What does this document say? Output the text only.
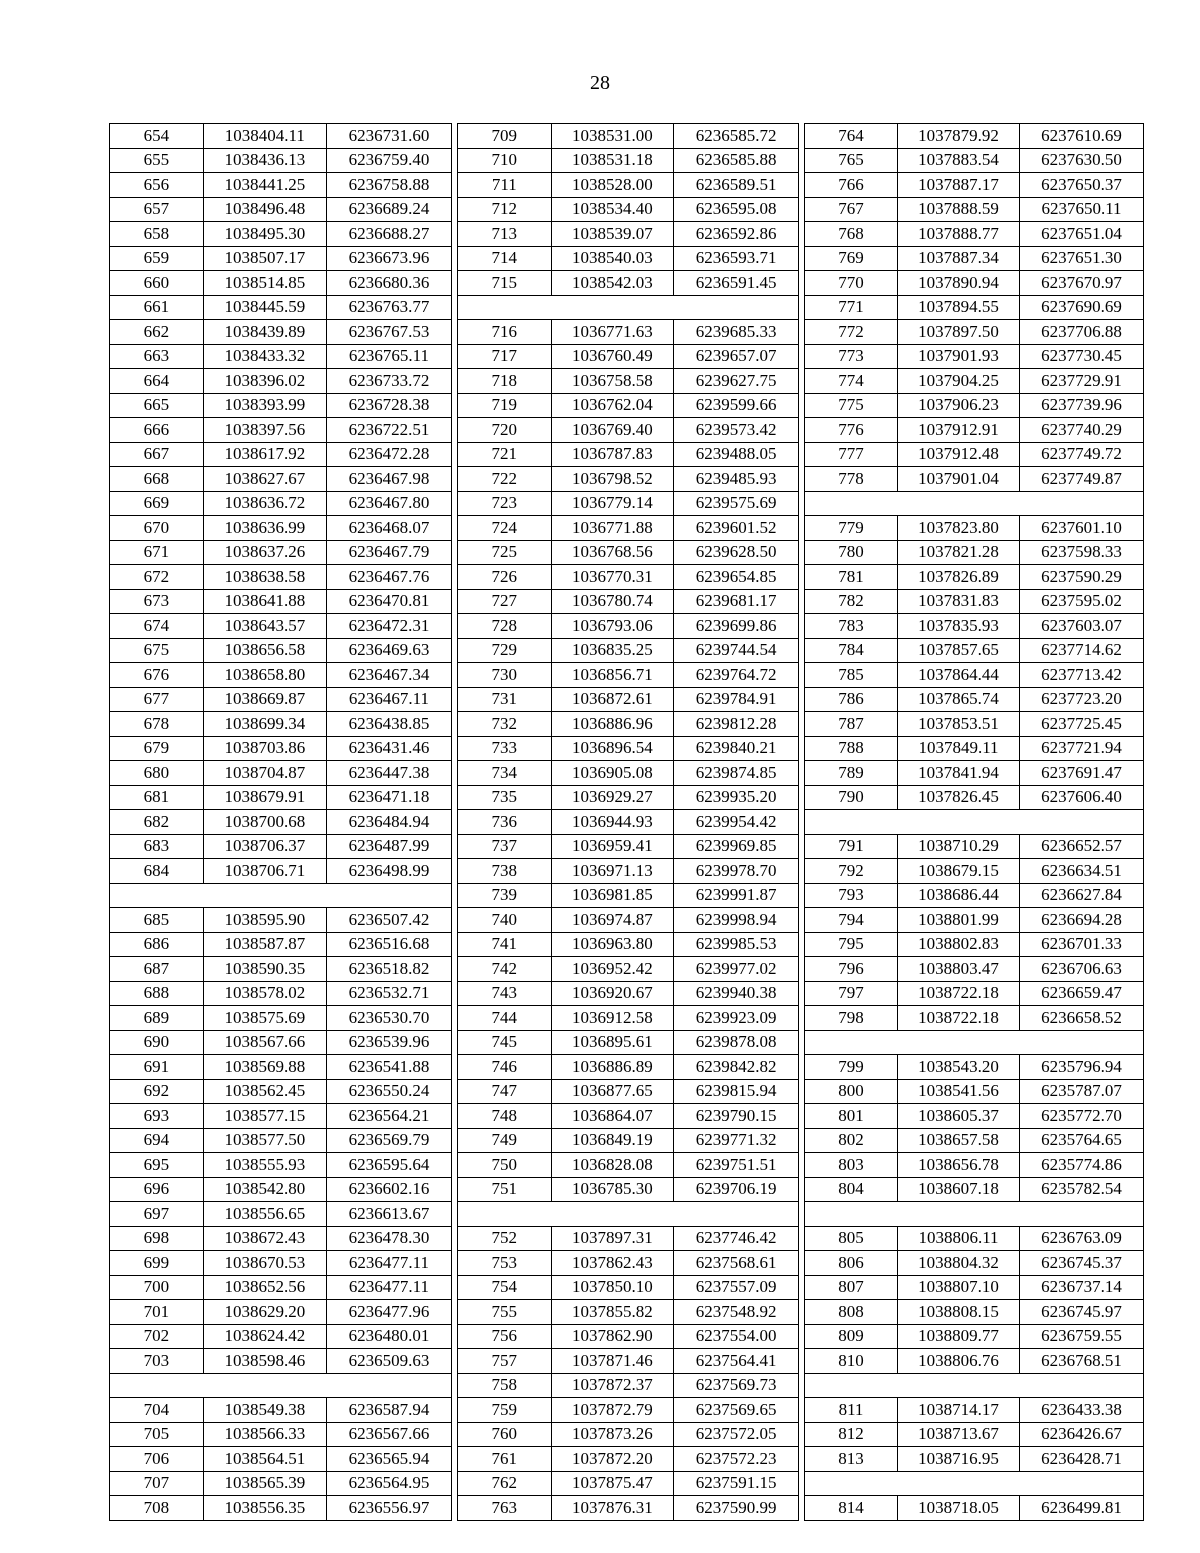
28
654	1038404.11	6236731.60
655	1038436.13	6236759.40
656	1038441.25	6236758.88
657	1038496.48	6236689.24
658	1038495.30	6236688.27
659	1038507.17	6236673.96
660	1038514.85	6236680.36
661	1038445.59	6236763.77
662	1038439.89	6236767.53
663	1038433.32	6236765.11
664	1038396.02	6236733.72
665	1038393.99	6236728.38
666	1038397.56	6236722.51
667	1038617.92	6236472.28
668	1038627.67	6236467.98
669	1038636.72	6236467.80
670	1038636.99	6236468.07
671	1038637.26	6236467.79
672	1038638.58	6236467.76
673	1038641.88	6236470.81
674	1038643.57	6236472.31
675	1038656.58	6236469.63
676	1038658.80	6236467.34
677	1038669.87	6236467.11
678	1038699.34	6236438.85
679	1038703.86	6236431.46
680	1038704.87	6236447.38
681	1038679.91	6236471.18
682	1038700.68	6236484.94
683	1038706.37	6236487.99
684	1038706.71	6236498.99

685	1038595.90	6236507.42
686	1038587.87	6236516.68
687	1038590.35	6236518.82
688	1038578.02	6236532.71
689	1038575.69	6236530.70
690	1038567.66	6236539.96
691	1038569.88	6236541.88
692	1038562.45	6236550.24
693	1038577.15	6236564.21
694	1038577.50	6236569.79
695	1038555.93	6236595.64
696	1038542.80	6236602.16
697	1038556.65	6236613.67
698	1038672.43	6236478.30
699	1038670.53	6236477.11
700	1038652.56	6236477.11
701	1038629.20	6236477.96
702	1038624.42	6236480.01
703	1038598.46	6236509.63

704	1038549.38	6236587.94
705	1038566.33	6236567.66
706	1038564.51	6236565.94
707	1038565.39	6236564.95
708	1038556.35	6236556.97
709	1038531.00	6236585.72
710	1038531.18	6236585.88
711	1038528.00	6236589.51
712	1038534.40	6236595.08
713	1038539.07	6236592.86
714	1038540.03	6236593.71
715	1038542.03	6236591.45

716	1036771.63	6239685.33
717	1036760.49	6239657.07
718	1036758.58	6239627.75
719	1036762.04	6239599.66
720	1036769.40	6239573.42
721	1036787.83	6239488.05
722	1036798.52	6239485.93
723	1036779.14	6239575.69
724	1036771.88	6239601.52
725	1036768.56	6239628.50
726	1036770.31	6239654.85
727	1036780.74	6239681.17
728	1036793.06	6239699.86
729	1036835.25	6239744.54
730	1036856.71	6239764.72
731	1036872.61	6239784.91
732	1036886.96	6239812.28
733	1036896.54	6239840.21
734	1036905.08	6239874.85
735	1036929.27	6239935.20
736	1036944.93	6239954.42
737	1036959.41	6239969.85
738	1036971.13	6239978.70
739	1036981.85	6239991.87
740	1036974.87	6239998.94
741	1036963.80	6239985.53
742	1036952.42	6239977.02
743	1036920.67	6239940.38
744	1036912.58	6239923.09
745	1036895.61	6239878.08
746	1036886.89	6239842.82
747	1036877.65	6239815.94
748	1036864.07	6239790.15
749	1036849.19	6239771.32
750	1036828.08	6239751.51
751	1036785.30	6239706.19

752	1037897.31	6237746.42
753	1037862.43	6237568.61
754	1037850.10	6237557.09
755	1037855.82	6237548.92
756	1037862.90	6237554.00
757	1037871.46	6237564.41
758	1037872.37	6237569.73
759	1037872.79	6237569.65
760	1037873.26	6237572.05
761	1037872.20	6237572.23
762	1037875.47	6237591.15
763	1037876.31	6237590.99
764	1037879.92	6237610.69
765	1037883.54	6237630.50
766	1037887.17	6237650.37
767	1037888.59	6237650.11
768	1037888.77	6237651.04
769	1037887.34	6237651.30
770	1037890.94	6237670.97
771	1037894.55	6237690.69
772	1037897.50	6237706.88
773	1037901.93	6237730.45
774	1037904.25	6237729.91
775	1037906.23	6237739.96
776	1037912.91	6237740.29
777	1037912.48	6237749.72
778	1037901.04	6237749.87

779	1037823.80	6237601.10
780	1037821.28	6237598.33
781	1037826.89	6237590.29
782	1037831.83	6237595.02
783	1037835.93	6237603.07
784	1037857.65	6237714.62
785	1037864.44	6237713.42
786	1037865.74	6237723.20
787	1037853.51	6237725.45
788	1037849.11	6237721.94
789	1037841.94	6237691.47
790	1037826.45	6237606.40

791	1038710.29	6236652.57
792	1038679.15	6236634.51
793	1038686.44	6236627.84
794	1038801.99	6236694.28
795	1038802.83	6236701.33
796	1038803.47	6236706.63
797	1038722.18	6236659.47
798	1038722.18	6236658.52

799	1038543.20	6235796.94
800	1038541.56	6235787.07
801	1038605.37	6235772.70
802	1038657.58	6235764.65
803	1038656.78	6235774.86
804	1038607.18	6235782.54

805	1038806.11	6236763.09
806	1038804.32	6236745.37
807	1038807.10	6236737.14
808	1038808.15	6236745.97
809	1038809.77	6236759.55
810	1038806.76	6236768.51

811	1038714.17	6236433.38
812	1038713.67	6236426.67
813	1038716.95	6236428.71

814	1038718.05	6236499.81
